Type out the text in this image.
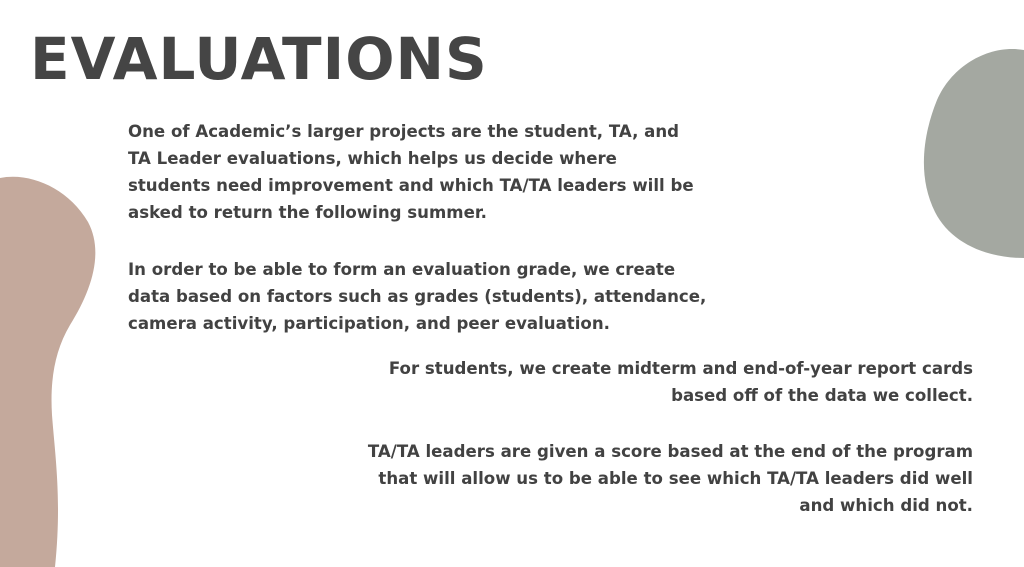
EVALUATIONS
One of Academic’s larger projects are the student, TA, and
TA Leader evaluations, which helps us decide where
students need improvement and which TA/TA leaders will be
asked to return the following summer.
In order to be able to form an evaluation grade, we create
data based on factors such as grades (students), attendance,
camera activity, participation, and peer evaluation.
For students, we create midterm and end-of-year report cards
based off of the data we collect.
TA/TA leaders are given a score based at the end of the program
that will allow us to be able to see which TA/TA leaders did well
and which did not.
